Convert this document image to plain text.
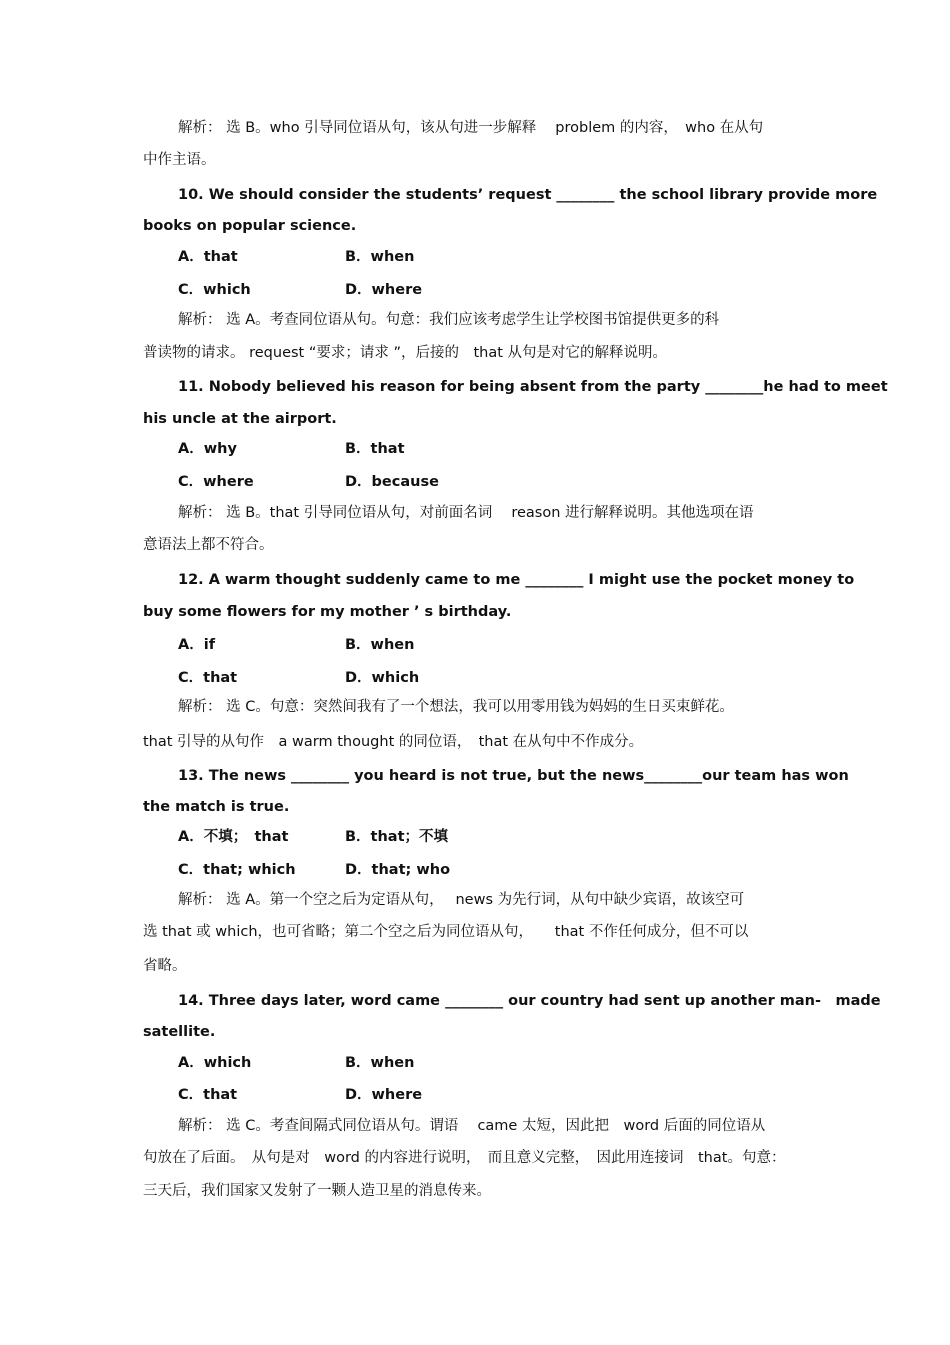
解析： 选 B。who 引导同位语从句，该从句进一步解释　 problem 的内容，　who 在从句
中作主语。
10. We should consider the students’ request ________ the school library provide more
books on popular science.
A．that	B．when
C．which	D．where
解析： 选 A。考查同位语从句。句意：我们应该考虑学生让学校图书馆提供更多的科
普读物的请求。 request “要求；请求 ”，后接的　that 从句是对它的解释说明。
11. Nobody believed his reason for being absent from the party ________he had to meet
his uncle at the airport.
A．why	B．that
C．where	D．because
解析： 选 B。that 引导同位语从句，对前面名词　 reason 进行解释说明。其他选项在语
意语法上都不符合。
12. A warm thought suddenly came to me ________ I might use the pocket money to
buy some flowers for my mother ’ s birthday.
A．if	B．when
C．that	D．which
解析： 选 C。句意：突然间我有了一个想法，我可以用零用钱为妈妈的生日买束鲜花。
that 引导的从句作　a warm thought 的同位语，　that 在从句中不作成分。
13. The news ________ you heard is not true, but the news________our team has won
the match is true.
A．不填；　that	B．that；不填
C．that; which	D．that; who
解析： 选 A。第一个空之后为定语从句，　 news 为先行词，从句中缺少宾语，故该空可
选 that 或 which，也可省略；第二个空之后为同位语从句，　　that 不作任何成分，但不可以
省略。
14. Three days later, word came ________ our country had sent up another man-　made
satellite.
A．which	B．when
C．that	D．where
解析： 选 C。考查间隔式同位语从句。谓语　 came 太短，因此把　word 后面的同位语从
句放在了后面。　从句是对　word 的内容进行说明，　而且意义完整，　因此用连接词　that。句意：
三天后，我们国家又发射了一颗人造卫星的消息传来。
